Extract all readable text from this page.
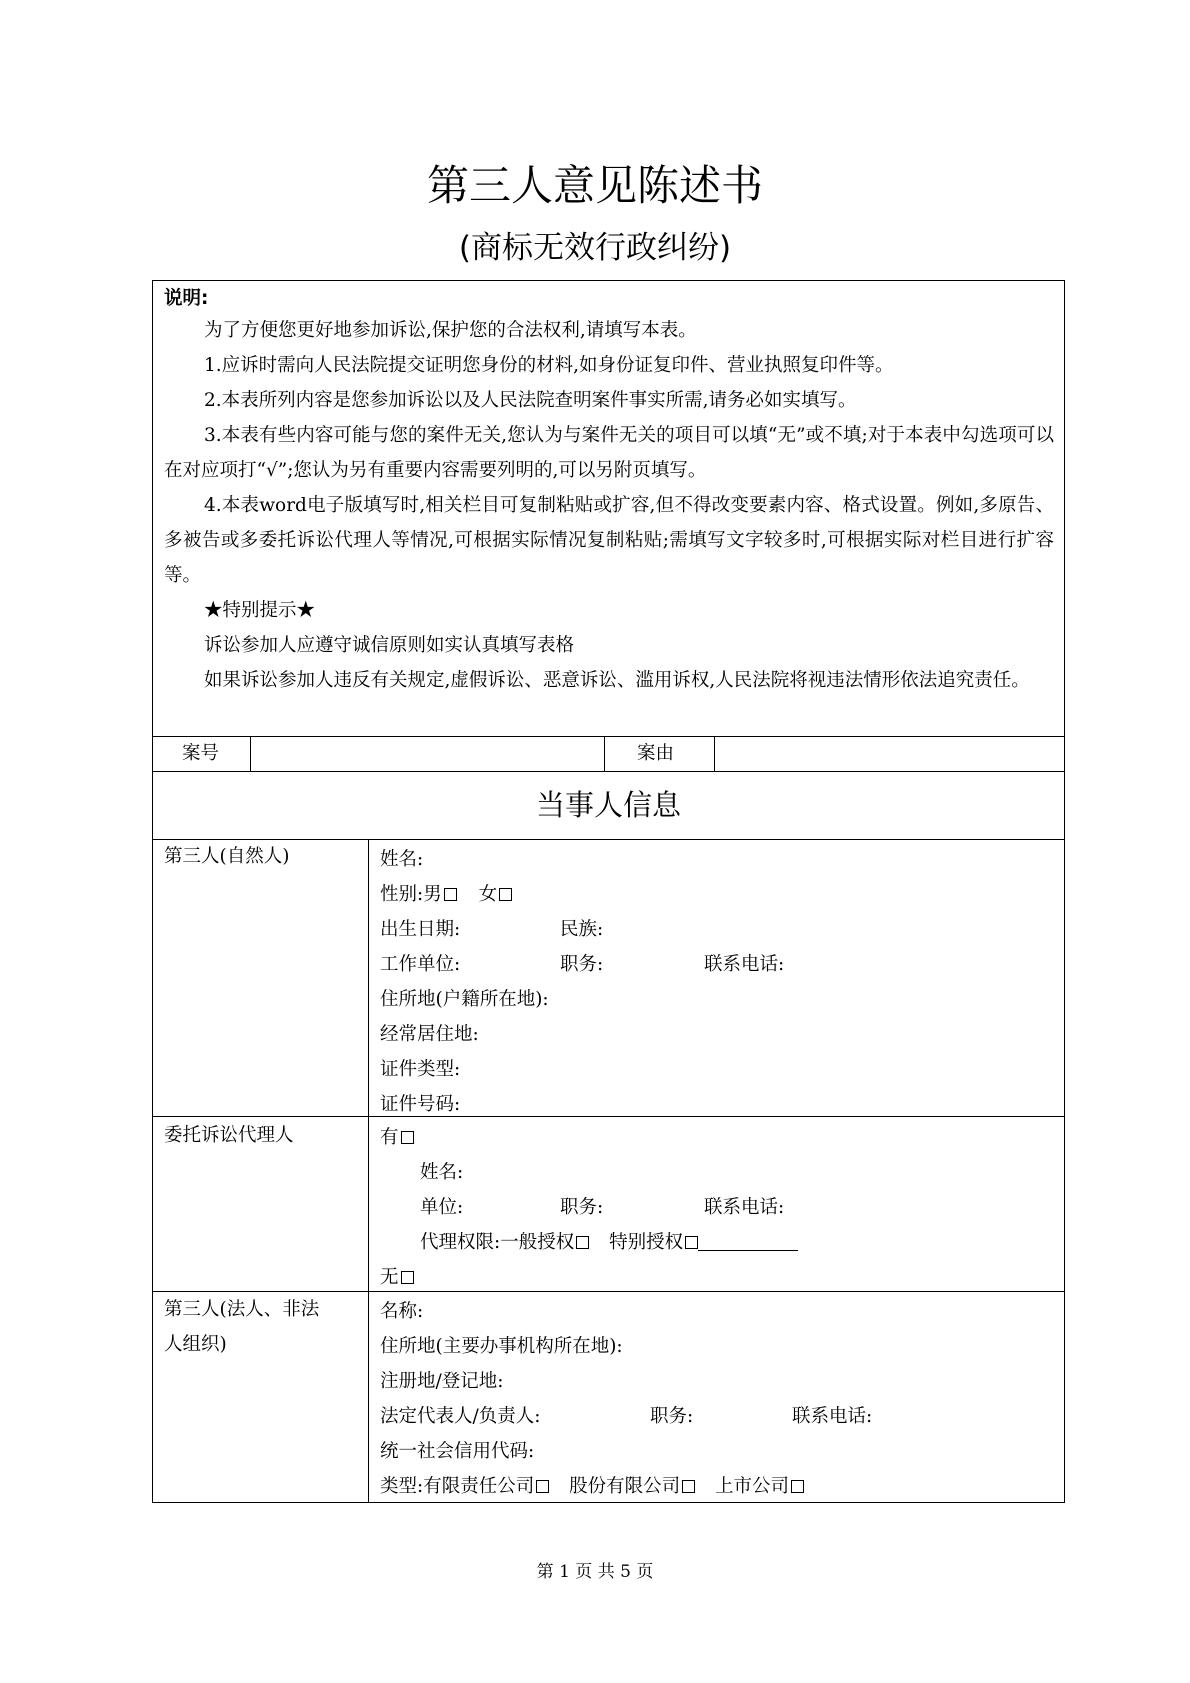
第三人意见陈述书
(商标无效行政纠纷)
说明:
为了方便您更好地参加诉讼,保护您的合法权利,请填写本表。
1.应诉时需向人民法院提交证明您身份的材料,如身份证复印件、营业执照复印件等。
2.本表所列内容是您参加诉讼以及人民法院查明案件事实所需,请务必如实填写。
3.本表有些内容可能与您的案件无关,您认为与案件无关的项目可以填“无”或不填;对于本表中勾选项可以在对应项打“√”;您认为另有重要内容需要列明的,可以另附页填写。
4.本表word电子版填写时,相关栏目可复制粘贴或扩容,但不得改变要素内容、格式设置。例如,多原告、多被告或多委托诉讼代理人等情况,可根据实际情况复制粘贴;需填写文字较多时,可根据实际对栏目进行扩容等。
★特别提示★
诉讼参加人应遵守诚信原则如实认真填写表格
如果诉讼参加人违反有关规定,虚假诉讼、恶意诉讼、滥用诉权,人民法院将视违法情形依法追究责任。
案号	案由
当事人信息
第三人(自然人)	姓名:
性别:男 女
出生日期:	民族:
工作单位:	职务:	联系电话:
住所地(户籍所在地):
经常居住地:
证件类型:
证件号码:
委托诉讼代理人	有
姓名:
单位:	职务:	联系电话:
代理权限:一般授权 特别授权
无
第三人(法人、非法
人组织)
名称:
住所地(主要办事机构所在地):
注册地/登记地:
法定代表人/负责人:	职务:	联系电话:
统一社会信用代码:
类型:有限责任公司 股份有限公司 上市公司
第 1 页 共 5 页
